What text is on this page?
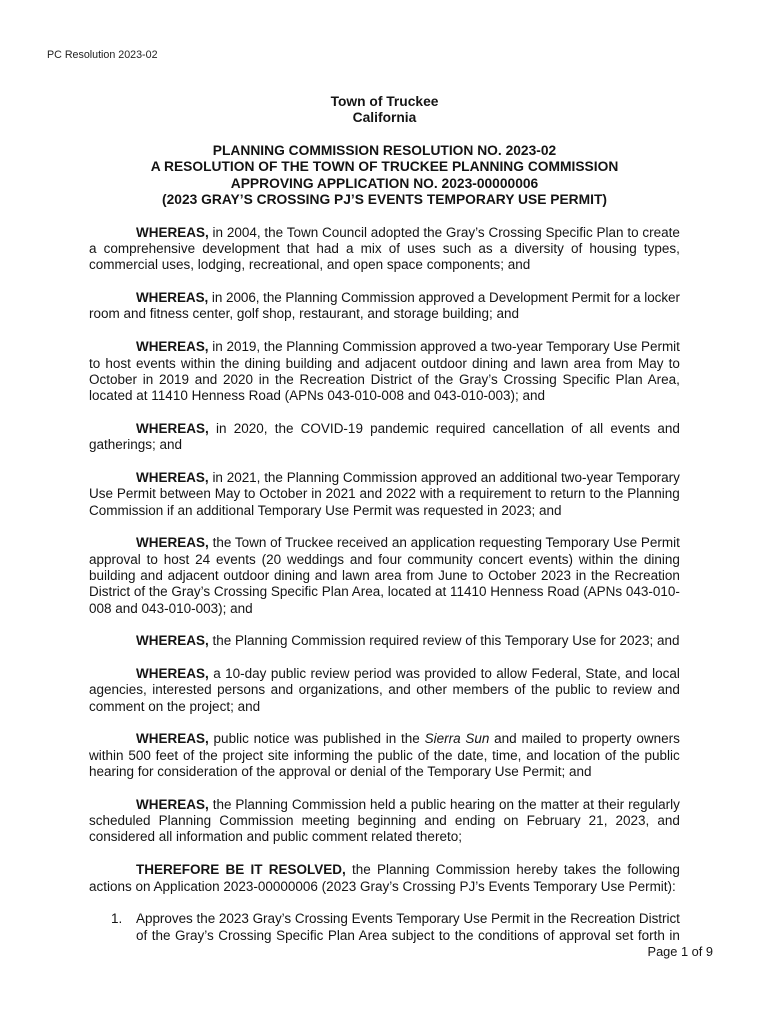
PC Resolution 2023-02
Town of Truckee
California
PLANNING COMMISSION RESOLUTION NO. 2023-02
A RESOLUTION OF THE TOWN OF TRUCKEE PLANNING COMMISSION
APPROVING APPLICATION NO. 2023-00000006
(2023 GRAY’S CROSSING PJ’S EVENTS TEMPORARY USE PERMIT)
WHEREAS, in 2004, the Town Council adopted the Gray’s Crossing Specific Plan to create
a comprehensive development that had a mix of uses such as a diversity of housing types,
commercial uses, lodging, recreational, and open space components; and
WHEREAS, in 2006, the Planning Commission approved a Development Permit for a locker
room and fitness center, golf shop, restaurant, and storage building; and
WHEREAS, in 2019, the Planning Commission approved a two-year Temporary Use Permit
to host events within the dining building and adjacent outdoor dining and lawn area from May to
October in 2019 and 2020 in the Recreation District of the Gray’s Crossing Specific Plan Area,
located at 11410 Henness Road (APNs 043-010-008 and 043-010-003); and
WHEREAS, in 2020, the COVID-19 pandemic required cancellation of all events and
gatherings; and
WHEREAS, in 2021, the Planning Commission approved an additional two-year Temporary
Use Permit between May to October in 2021 and 2022 with a requirement to return to the Planning
Commission if an additional Temporary Use Permit was requested in 2023; and
WHEREAS, the Town of Truckee received an application requesting Temporary Use Permit
approval to host 24 events (20 weddings and four community concert events) within the dining
building and adjacent outdoor dining and lawn area from June to October 2023 in the Recreation
District of the Gray’s Crossing Specific Plan Area, located at 11410 Henness Road (APNs 043-010-
008 and 043-010-003); and
WHEREAS, the Planning Commission required review of this Temporary Use for 2023; and
WHEREAS, a 10-day public review period was provided to allow Federal, State, and local
agencies, interested persons and organizations, and other members of the public to review and
comment on the project; and
WHEREAS, public notice was published in the Sierra Sun and mailed to property owners
within 500 feet of the project site informing the public of the date, time, and location of the public
hearing for consideration of the approval or denial of the Temporary Use Permit; and
WHEREAS, the Planning Commission held a public hearing on the matter at their regularly
scheduled Planning Commission meeting beginning and ending on February 21, 2023, and
considered all information and public comment related thereto;
THEREFORE BE IT RESOLVED, the Planning Commission hereby takes the following
actions on Application 2023-00000006 (2023 Gray’s Crossing PJ’s Events Temporary Use Permit):
1. Approves the 2023 Gray’s Crossing Events Temporary Use Permit in the Recreation District
of the Gray’s Crossing Specific Plan Area subject to the conditions of approval set forth in
Page 1 of 9
